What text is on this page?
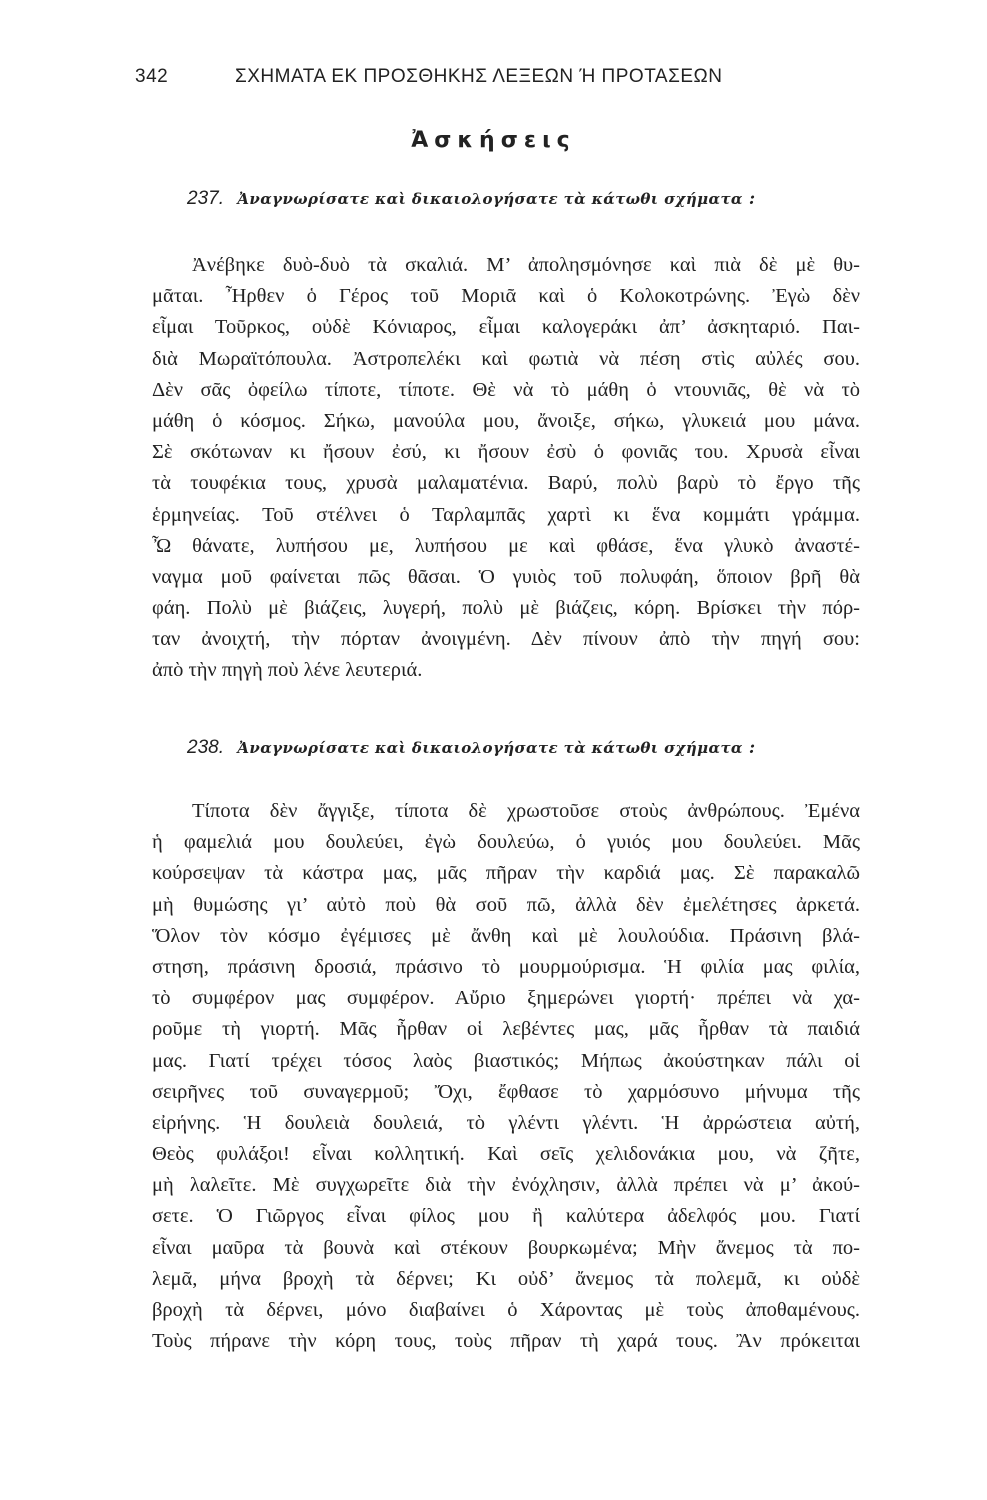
342	ΣΧΗΜΑΤΑ ΕΚ ΠΡΟΣΘΗΚΗΣ ΛΕΞΕΩΝ Ή ΠΡΟΤΑΣΕΩΝ
Ἀσκήσεις
237. Ἀναγνωρίσατε καὶ δικαιολογήσατε τὰ κάτωθι σχήματα :
Ἀνέβηκε δυὸ-δυὸ τὰ σκαλιά. Μ’ ἀπολησμόνησε καὶ πιὰ δὲ μὲ θυ-
μᾶται. Ἦρθεν ὁ Γέρος τοῦ Μοριᾶ καὶ ὁ Κολοκοτρώνης. Ἐγὼ δὲν
εἶμαι Τοῦρκος, οὐδὲ Κόνιαρος, εἶμαι καλογεράκι ἀπ’ ἀσκηταριό. Παι-
διὰ Μωραϊτόπουλα. Ἀστροπελέκι καὶ φωτιὰ νὰ πέση στὶς αὐλές σου.
Δὲν σᾶς ὀφείλω τίποτε, τίποτε. Θὲ νὰ τὸ μάθη ὁ ντουνιᾶς, θὲ νὰ τὸ
μάθη ὁ κόσμος. Σήκω, μανούλα μου, ἄνοιξε, σήκω, γλυκειά μου μάνα.
Σὲ σκότωναν κι ἤσουν ἐσύ, κι ἤσουν ἐσὺ ὁ φονιᾶς του. Χρυσὰ εἶναι
τὰ τουφέκια τους, χρυσὰ μαλαματένια. Βαρύ, πολὺ βαρὺ τὸ ἔργο τῆς
ἑρμηνείας. Τοῦ στέλνει ὁ Ταρλαμπᾶς χαρτὶ κι ἕνα κομμάτι γράμμα.
Ὦ θάνατε, λυπήσου με, λυπήσου με καὶ φθάσε, ἕνα γλυκὸ ἀναστέ-
ναγμα μοῦ φαίνεται πῶς θᾶσαι. Ὁ γυιὸς τοῦ πολυφάη, ὅποιον βρῆ θὰ
φάη. Πολὺ μὲ βιάζεις, λυγερή, πολὺ μὲ βιάζεις, κόρη. Βρίσκει τὴν πόρ-
ταν ἀνοιχτή, τὴν πόρταν ἀνοιγμένη. Δὲν πίνουν ἀπὸ τὴν πηγή σου:
ἀπὸ τὴν πηγὴ ποὺ λένε λευτεριά.
238. Ἀναγνωρίσατε καὶ δικαιολογήσατε τὰ κάτωθι σχήματα :
Τίποτα δὲν ἄγγιξε, τίποτα δὲ χρωστοῦσε στοὺς ἀνθρώπους. Ἐμένα
ἡ φαμελιά μου δουλεύει, ἐγὼ δουλεύω, ὁ γυιός μου δουλεύει. Μᾶς
κούρσεψαν τὰ κάστρα μας, μᾶς πῆραν τὴν καρδιά μας. Σὲ παρακαλῶ
μὴ θυμώσης γι’ αὐτὸ ποὺ θὰ σοῦ πῶ, ἀλλὰ δὲν ἐμελέτησες ἀρκετά.
Ὅλον τὸν κόσμο ἐγέμισες μὲ ἄνθη καὶ μὲ λουλούδια. Πράσινη βλά-
στηση, πράσινη δροσιά, πράσινο τὸ μουρμούρισμα. Ἡ φιλία μας φιλία,
τὸ συμφέρον μας συμφέρον. Αὔριο ξημερώνει γιορτή· πρέπει νὰ χα-
ροῦμε τὴ γιορτή. Μᾶς ἦρθαν οἱ λεβέντες μας, μᾶς ἦρθαν τὰ παιδιά
μας. Γιατί τρέχει τόσος λαὸς βιαστικός; Μήπως ἀκούστηκαν πάλι οἱ
σειρῆνες τοῦ συναγερμοῦ; Ὄχι, ἔφθασε τὸ χαρμόσυνο μήνυμα τῆς
εἰρήνης. Ἡ δουλειὰ δουλειά, τὸ γλέντι γλέντι. Ἡ ἀρρώστεια αὐτή,
Θεὸς φυλάξοι! εἶναι κολλητική. Καὶ σεῖς χελιδονάκια μου, νὰ ζῆτε,
μὴ λαλεῖτε. Μὲ συγχωρεῖτε διὰ τὴν ἐνόχλησιν, ἀλλὰ πρέπει νὰ μ’ ἀκού-
σετε. Ὁ Γιῶργος εἶναι φίλος μου ἢ καλύτερα ἀδελφός μου. Γιατί
εἶναι μαῦρα τὰ βουνὰ καὶ στέκουν βουρκωμένα; Μὴν ἄνεμος τὰ πο-
λεμᾶ, μήνα βροχὴ τὰ δέρνει; Κι οὐδ’ ἄνεμος τὰ πολεμᾶ, κι οὐδὲ
βροχὴ τὰ δέρνει, μόνο διαβαίνει ὁ Χάροντας μὲ τοὺς ἀποθαμένους.
Τοὺς πήρανε τὴν κόρη τους, τοὺς πῆραν τὴ χαρά τους. Ἂν πρόκειται
